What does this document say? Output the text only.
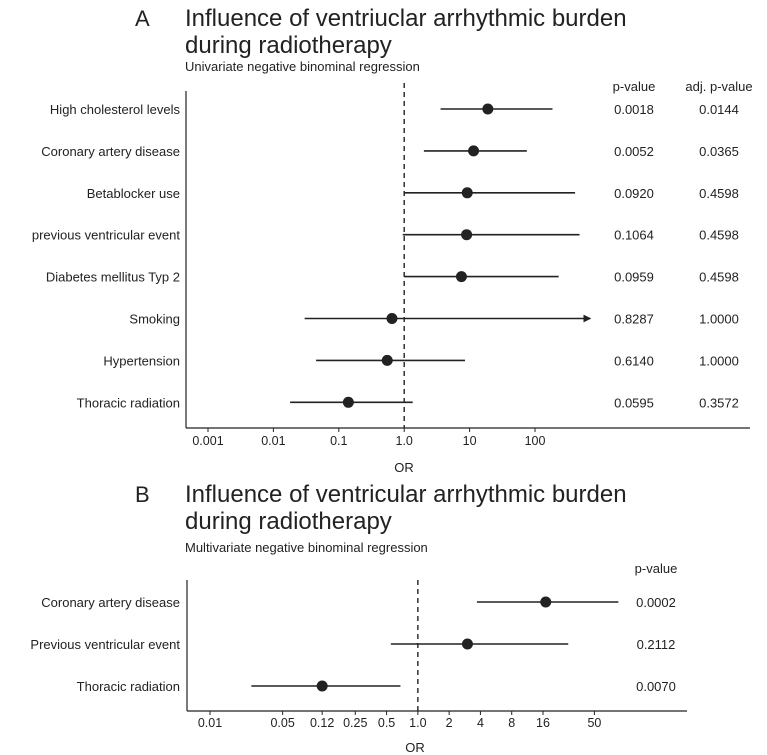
A Influence of ventriuclar arrhythmic burden
during radiotherapy
Univariate negative binominal regression
p-value adj. p-value
0.001	0.01	0.1	1.0	10	100
High cholesterol levels	0.0018	0.0144
Coronary artery disease	0.0052	0.0365
Betablocker use	0.0920	0.4598
previous ventricular event	0.1064	0.4598
Diabetes mellitus Typ 2	0.0959	0.4598
Smoking	0.8287	1.0000
Hypertension	0.6140	1.0000
Thoracic radiation	0.0595	0.3572
OR
B Influence of ventricular arrhythmic burden
during radiotherapy
Multivariate negative binominal regression
p-value
0.01	0.05 0.12 0.25 0.5 1.0 2 4 8 16	50
Coronary artery disease	0.0002
Previous ventricular event	0.2112
Thoracic radiation	0.0070
OR
